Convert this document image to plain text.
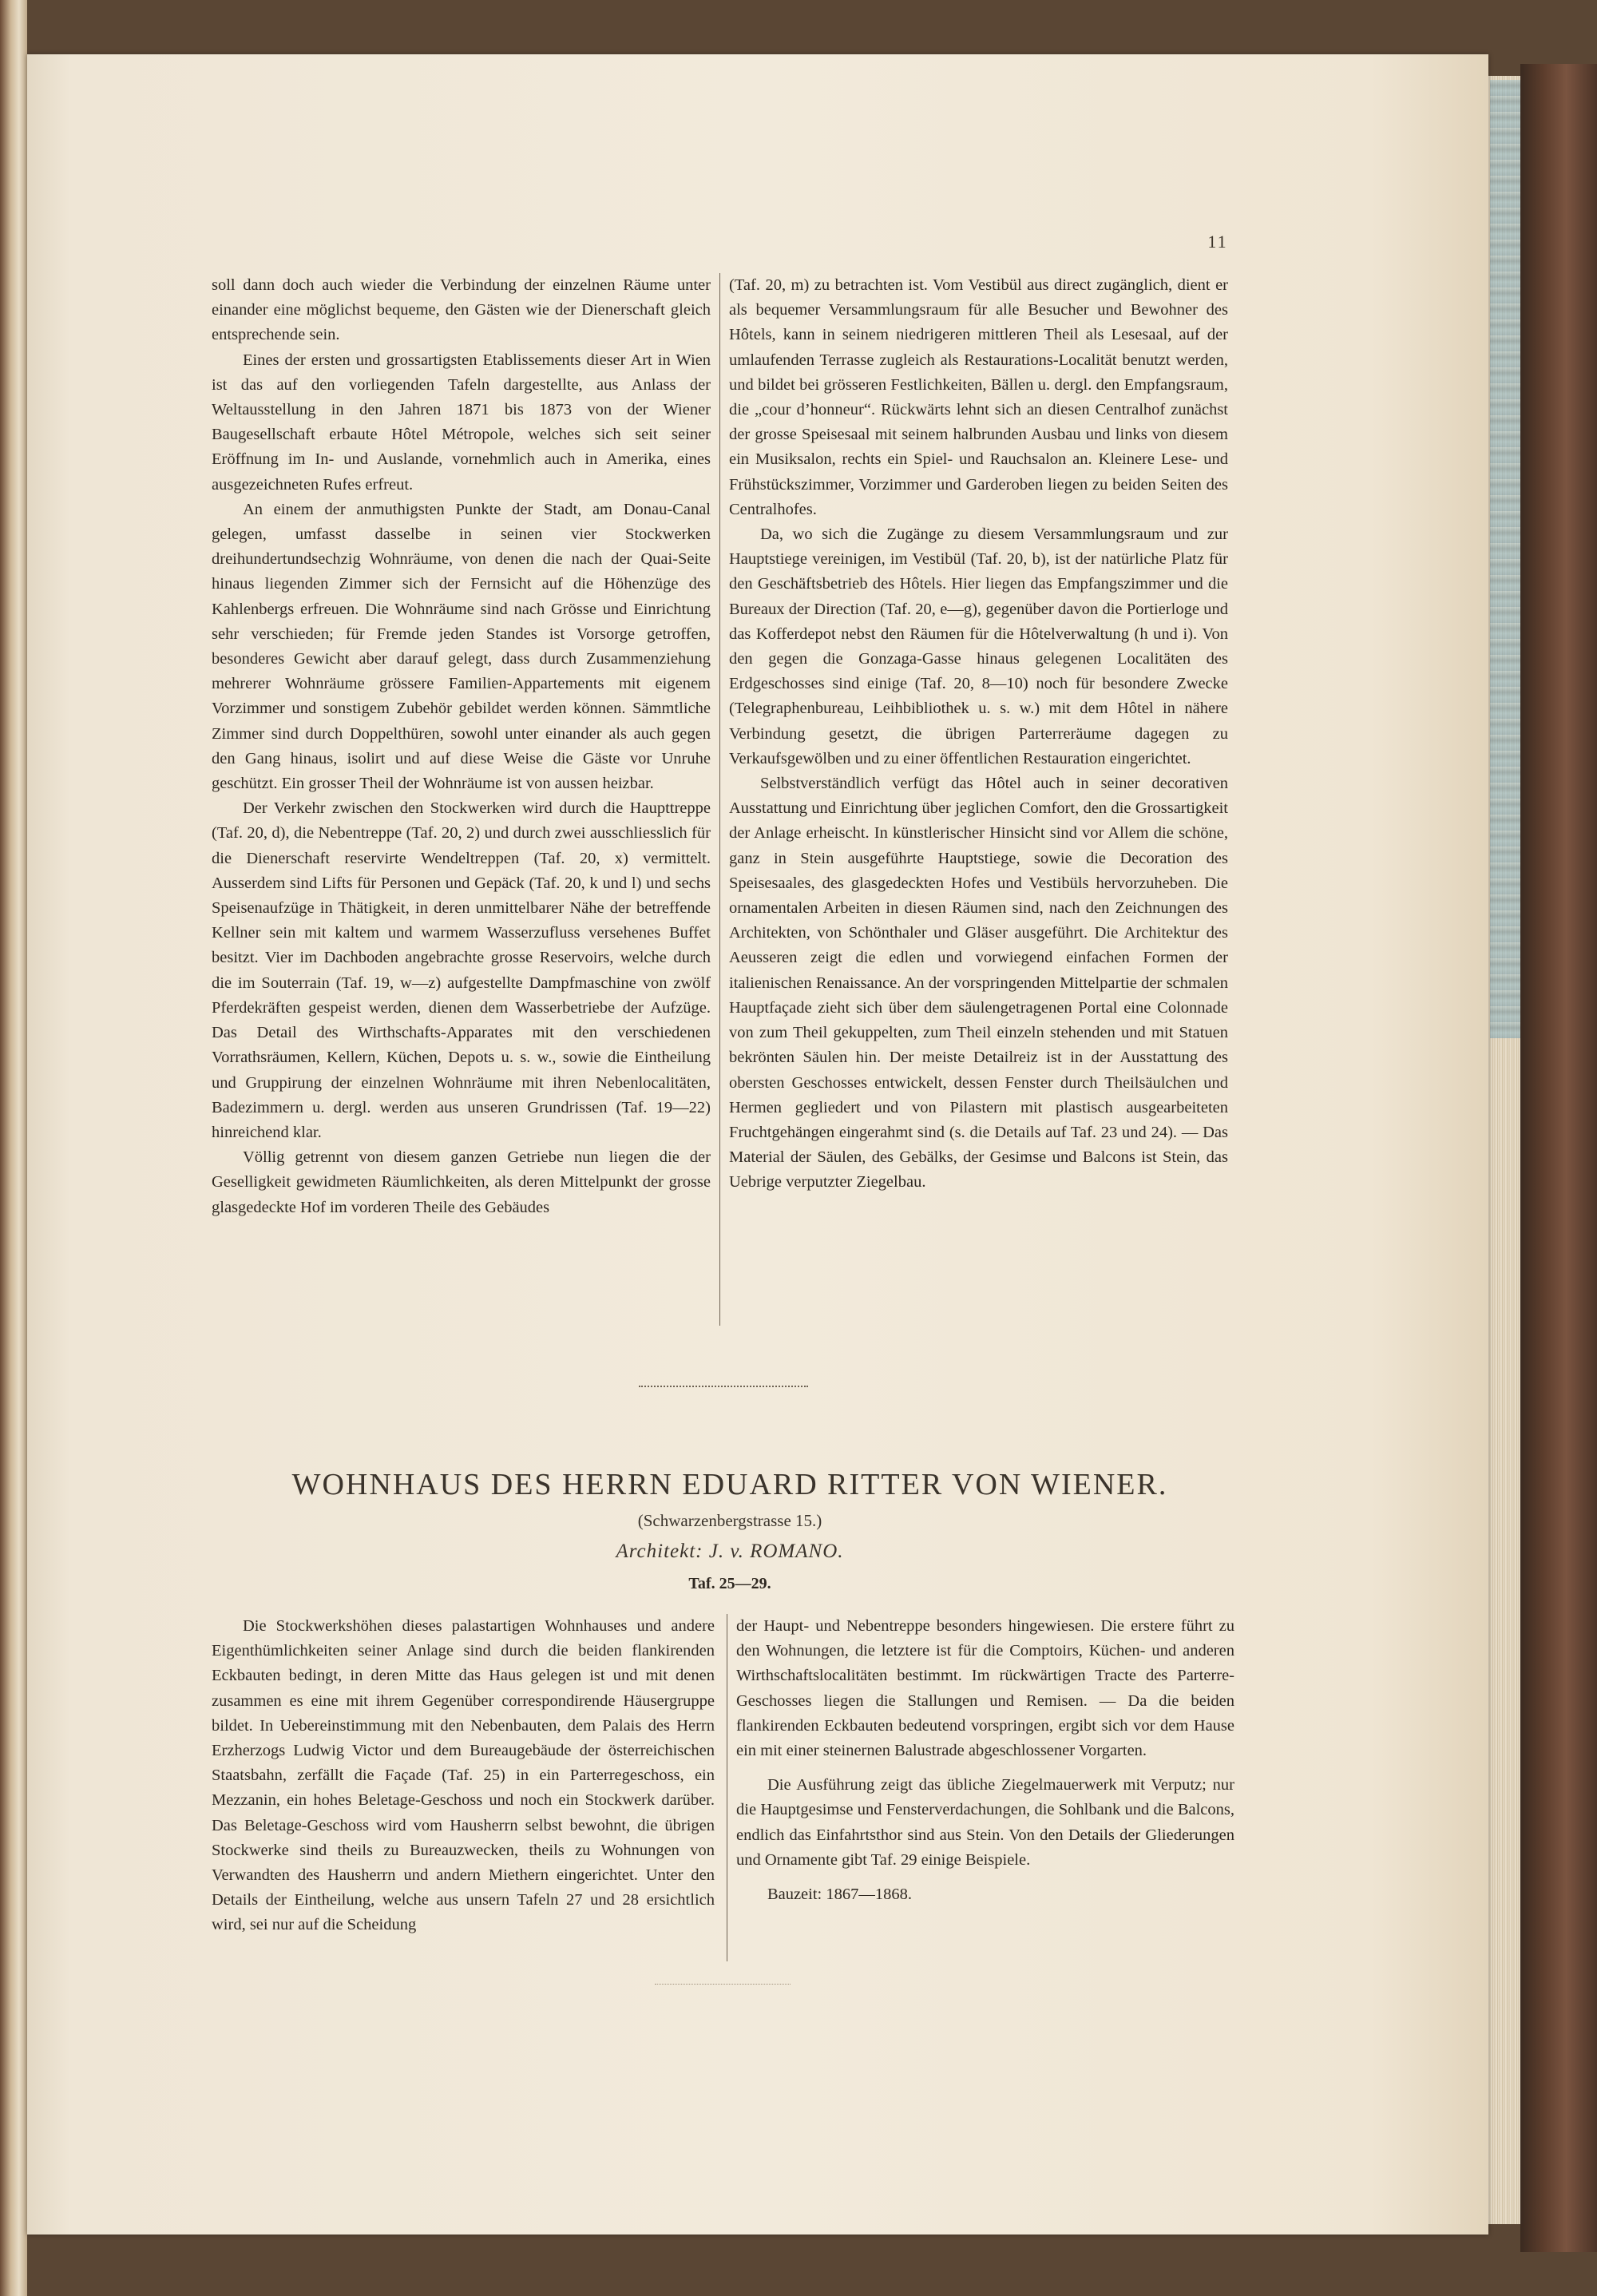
11

soll dann doch auch wieder die Verbindung der einzelnen Räume unter einander eine möglichst bequeme, den Gästen wie der Dienerschaft gleich entsprechende sein.

Eines der ersten und grossartigsten Etablissements dieser Art in Wien ist das auf den vorliegenden Tafeln dargestellte, aus Anlass der Weltausstellung in den Jahren 1871 bis 1873 von der Wiener Baugesellschaft erbaute Hôtel Métropole, welches sich seit seiner Eröffnung im In- und Auslande, vornehmlich auch in Amerika, eines ausgezeichneten Rufes erfreut.

An einem der anmuthigsten Punkte der Stadt, am Donau-Canal gelegen, umfasst dasselbe in seinen vier Stockwerken dreihundertundsechzig Wohnräume, von denen die nach der Quai-Seite hinaus liegenden Zimmer sich der Fernsicht auf die Höhenzüge des Kahlenbergs erfreuen. Die Wohnräume sind nach Grösse und Einrichtung sehr verschieden; für Fremde jeden Standes ist Vorsorge getroffen, besonderes Gewicht aber darauf gelegt, dass durch Zusammenziehung mehrerer Wohnräume grössere Familien-Appartements mit eigenem Vorzimmer und sonstigem Zubehör gebildet werden können. Sämmtliche Zimmer sind durch Doppelthüren, sowohl unter einander als auch gegen den Gang hinaus, isolirt und auf diese Weise die Gäste vor Unruhe geschützt. Ein grosser Theil der Wohnräume ist von aussen heizbar.

Der Verkehr zwischen den Stockwerken wird durch die Haupttreppe (Taf. 20, d), die Nebentreppe (Taf. 20, 2) und durch zwei ausschliesslich für die Dienerschaft reservirte Wendeltreppen (Taf. 20, x) vermittelt. Ausserdem sind Lifts für Personen und Gepäck (Taf. 20, k und l) und sechs Speisenaufzüge in Thätigkeit, in deren unmittelbarer Nähe der betreffende Kellner sein mit kaltem und warmem Wasserzufluss versehenes Buffet besitzt. Vier im Dachboden angebrachte grosse Reservoirs, welche durch die im Souterrain (Taf. 19, w—z) aufgestellte Dampfmaschine von zwölf Pferdekräften gespeist werden, dienen dem Wasserbetriebe der Aufzüge. Das Detail des Wirthschafts-Apparates mit den verschiedenen Vorrathsräumen, Kellern, Küchen, Depots u. s. w., sowie die Eintheilung und Gruppirung der einzelnen Wohnräume mit ihren Nebenlocalitäten, Badezimmern u. dergl. werden aus unseren Grundrissen (Taf. 19—22) hinreichend klar.

Völlig getrennt von diesem ganzen Getriebe nun liegen die der Geselligkeit gewidmeten Räumlichkeiten, als deren Mittelpunkt der grosse glasgedeckte Hof im vorderen Theile des Gebäudes

(Taf. 20, m) zu betrachten ist. Vom Vestibül aus direct zugänglich, dient er als bequemer Versammlungsraum für alle Besucher und Bewohner des Hôtels, kann in seinem niedrigeren mittleren Theil als Lesesaal, auf der umlaufenden Terrasse zugleich als Restaurations-Localität benutzt werden, und bildet bei grösseren Festlichkeiten, Bällen u. dergl. den Empfangsraum, die „cour d’honneur“. Rückwärts lehnt sich an diesen Centralhof zunächst der grosse Speisesaal mit seinem halbrunden Ausbau und links von diesem ein Musiksalon, rechts ein Spiel- und Rauchsalon an. Kleinere Lese- und Frühstückszimmer, Vorzimmer und Garderoben liegen zu beiden Seiten des Centralhofes.

Da, wo sich die Zugänge zu diesem Versammlungsraum und zur Hauptstiege vereinigen, im Vestibül (Taf. 20, b), ist der natürliche Platz für den Geschäftsbetrieb des Hôtels. Hier liegen das Empfangszimmer und die Bureaux der Direction (Taf. 20, e—g), gegenüber davon die Portierloge und das Kofferdepot nebst den Räumen für die Hôtelverwaltung (h und i). Von den gegen die Gonzaga-Gasse hinaus gelegenen Localitäten des Erdgeschosses sind einige (Taf. 20, 8—10) noch für besondere Zwecke (Telegraphenbureau, Leihbibliothek u. s. w.) mit dem Hôtel in nähere Verbindung gesetzt, die übrigen Parterreräume dagegen zu Verkaufsgewölben und zu einer öffentlichen Restauration eingerichtet.

Selbstverständlich verfügt das Hôtel auch in seiner decorativen Ausstattung und Einrichtung über jeglichen Comfort, den die Grossartigkeit der Anlage erheischt. In künstlerischer Hinsicht sind vor Allem die schöne, ganz in Stein ausgeführte Hauptstiege, sowie die Decoration des Speisesaales, des glasgedeckten Hofes und Vestibüls hervorzuheben. Die ornamentalen Arbeiten in diesen Räumen sind, nach den Zeichnungen des Architekten, von Schönthaler und Gläser ausgeführt. Die Architektur des Aeusseren zeigt die edlen und vorwiegend einfachen Formen der italienischen Renaissance. An der vorspringenden Mittelpartie der schmalen Hauptfaçade zieht sich über dem säulengetragenen Portal eine Colonnade von zum Theil gekuppelten, zum Theil einzeln stehenden und mit Statuen bekrönten Säulen hin. Der meiste Detailreiz ist in der Ausstattung des obersten Geschosses entwickelt, dessen Fenster durch Theilsäulchen und Hermen gegliedert und von Pilastern mit plastisch ausgearbeiteten Fruchtgehängen eingerahmt sind (s. die Details auf Taf. 23 und 24). — Das Material der Säulen, des Gebälks, der Gesimse und Balcons ist Stein, das Uebrige verputzter Ziegelbau.

WOHNHAUS DES HERRN EDUARD RITTER VON WIENER.
(Schwarzenbergstrasse 15.)
Architekt: J. v. ROMANO.
Taf. 25—29.

Die Stockwerkshöhen dieses palastartigen Wohnhauses und andere Eigenthümlichkeiten seiner Anlage sind durch die beiden flankirenden Eckbauten bedingt, in deren Mitte das Haus gelegen ist und mit denen zusammen es eine mit ihrem Gegenüber correspondirende Häusergruppe bildet. In Uebereinstimmung mit den Nebenbauten, dem Palais des Herrn Erzherzogs Ludwig Victor und dem Bureaugebäude der österreichischen Staatsbahn, zerfällt die Façade (Taf. 25) in ein Parterregeschoss, ein Mezzanin, ein hohes Beletage-Geschoss und noch ein Stockwerk darüber. Das Beletage-Geschoss wird vom Hausherrn selbst bewohnt, die übrigen Stockwerke sind theils zu Bureauzwecken, theils zu Wohnungen von Verwandten des Hausherrn und andern Miethern eingerichtet. Unter den Details der Eintheilung, welche aus unsern Tafeln 27 und 28 ersichtlich wird, sei nur auf die Scheidung

der Haupt- und Nebentreppe besonders hingewiesen. Die erstere führt zu den Wohnungen, die letztere ist für die Comptoirs, Küchen- und anderen Wirthschaftslocalitäten bestimmt. Im rückwärtigen Tracte des Parterre-Geschosses liegen die Stallungen und Remisen. — Da die beiden flankirenden Eckbauten bedeutend vorspringen, ergibt sich vor dem Hause ein mit einer steinernen Balustrade abgeschlossener Vorgarten.

Die Ausführung zeigt das übliche Ziegelmauerwerk mit Verputz; nur die Hauptgesimse und Fensterverdachungen, die Sohlbank und die Balcons, endlich das Einfahrtsthor sind aus Stein. Von den Details der Gliederungen und Ornamente gibt Taf. 29 einige Beispiele.

Bauzeit: 1867—1868.
